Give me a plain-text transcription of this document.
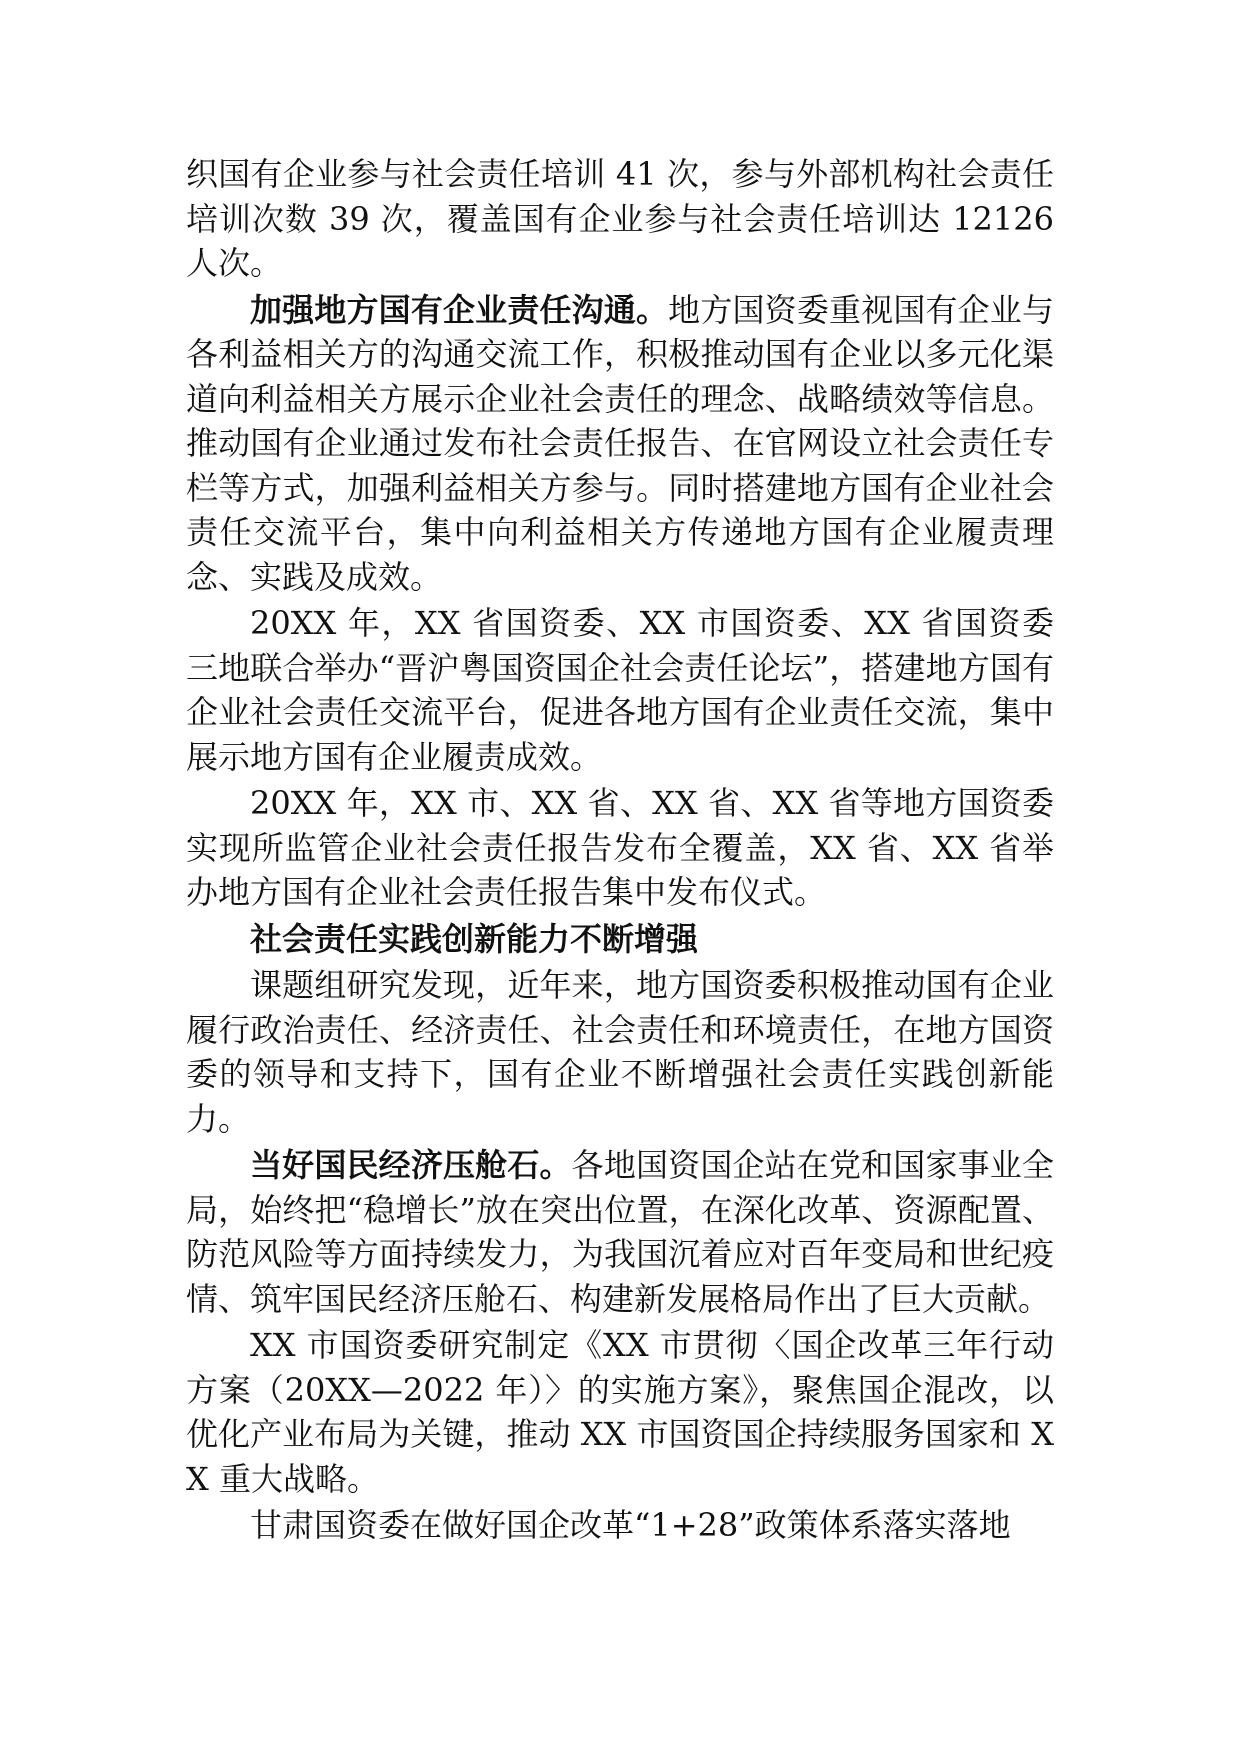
织国有企业参与社会责任培训 41 次，参与外部机构社会责任培训次数 39 次，覆盖国有企业参与社会责任培训达 12126 人次。

加强地方国有企业责任沟通。地方国资委重视国有企业与各利益相关方的沟通交流工作，积极推动国有企业以多元化渠道向利益相关方展示企业社会责任的理念、战略绩效等信息。推动国有企业通过发布社会责任报告、在官网设立社会责任专栏等方式，加强利益相关方参与。同时搭建地方国有企业社会责任交流平台，集中向利益相关方传递地方国有企业履责理念、实践及成效。

20XX 年，XX 省国资委、XX 市国资委、XX 省国资委三地联合举办“晋沪粤国资国企社会责任论坛”，搭建地方国有企业社会责任交流平台，促进各地方国有企业责任交流，集中展示地方国有企业履责成效。

20XX 年，XX 市、XX 省、XX 省、XX 省等地方国资委实现所监管企业社会责任报告发布全覆盖，XX 省、XX 省举办地方国有企业社会责任报告集中发布仪式。

社会责任实践创新能力不断增强

课题组研究发现，近年来，地方国资委积极推动国有企业履行政治责任、经济责任、社会责任和环境责任，在地方国资委的领导和支持下，国有企业不断增强社会责任实践创新能力。

当好国民经济压舱石。各地国资国企站在党和国家事业全局，始终把“稳增长”放在突出位置，在深化改革、资源配置、防范风险等方面持续发力，为我国沉着应对百年变局和世纪疫情、筑牢国民经济压舱石、构建新发展格局作出了巨大贡献。

XX 市国资委研究制定《XX 市贯彻〈国企改革三年行动方案（20XX—2022 年）〉的实施方案》，聚焦国企混改，以优化产业布局为关键，推动 XX 市国资国企持续服务国家和 XX 重大战略。

甘肃国资委在做好国企改革“1+28”政策体系落实落地
